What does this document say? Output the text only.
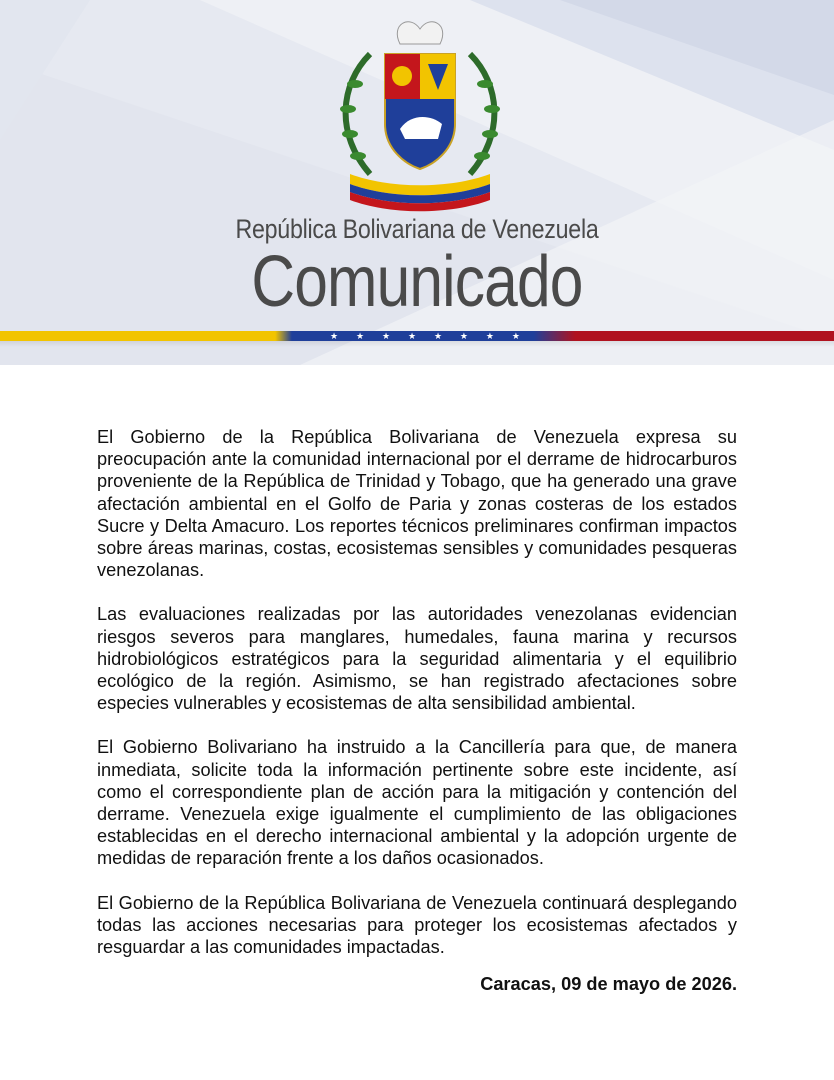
República Bolivariana de Venezuela
Comunicado
★ ★ ★ ★ ★ ★ ★ ★

El Gobierno de la República Bolivariana de Venezuela expresa su preocupación ante la comunidad internacional por el derrame de hidrocarburos proveniente de la República de Trinidad y Tobago, que ha generado una grave afectación ambiental en el Golfo de Paria y zonas costeras de los estados Sucre y Delta Amacuro. Los reportes técnicos preliminares confirman impactos sobre áreas marinas, costas, ecosistemas sensibles y comunidades pesqueras venezolanas.

Las evaluaciones realizadas por las autoridades venezolanas evidencian riesgos severos para manglares, humedales, fauna marina y recursos hidrobiológicos estratégicos para la seguridad alimentaria y el equilibrio ecológico de la región. Asimismo, se han registrado afectaciones sobre especies vulnerables y ecosistemas de alta sensibilidad ambiental.

El Gobierno Bolivariano ha instruido a la Cancillería para que, de manera inmediata, solicite toda la información pertinente sobre este incidente, así como el correspondiente plan de acción para la mitigación y contención del derrame. Venezuela exige igualmente el cumplimiento de las obligaciones establecidas en el derecho internacional ambiental y la adopción urgente de medidas de reparación frente a los daños ocasionados.

El Gobierno de la República Bolivariana de Venezuela continuará desplegando todas las acciones necesarias para proteger los ecosistemas afectados y resguardar a las comunidades impactadas.

Caracas, 09 de mayo de 2026.
